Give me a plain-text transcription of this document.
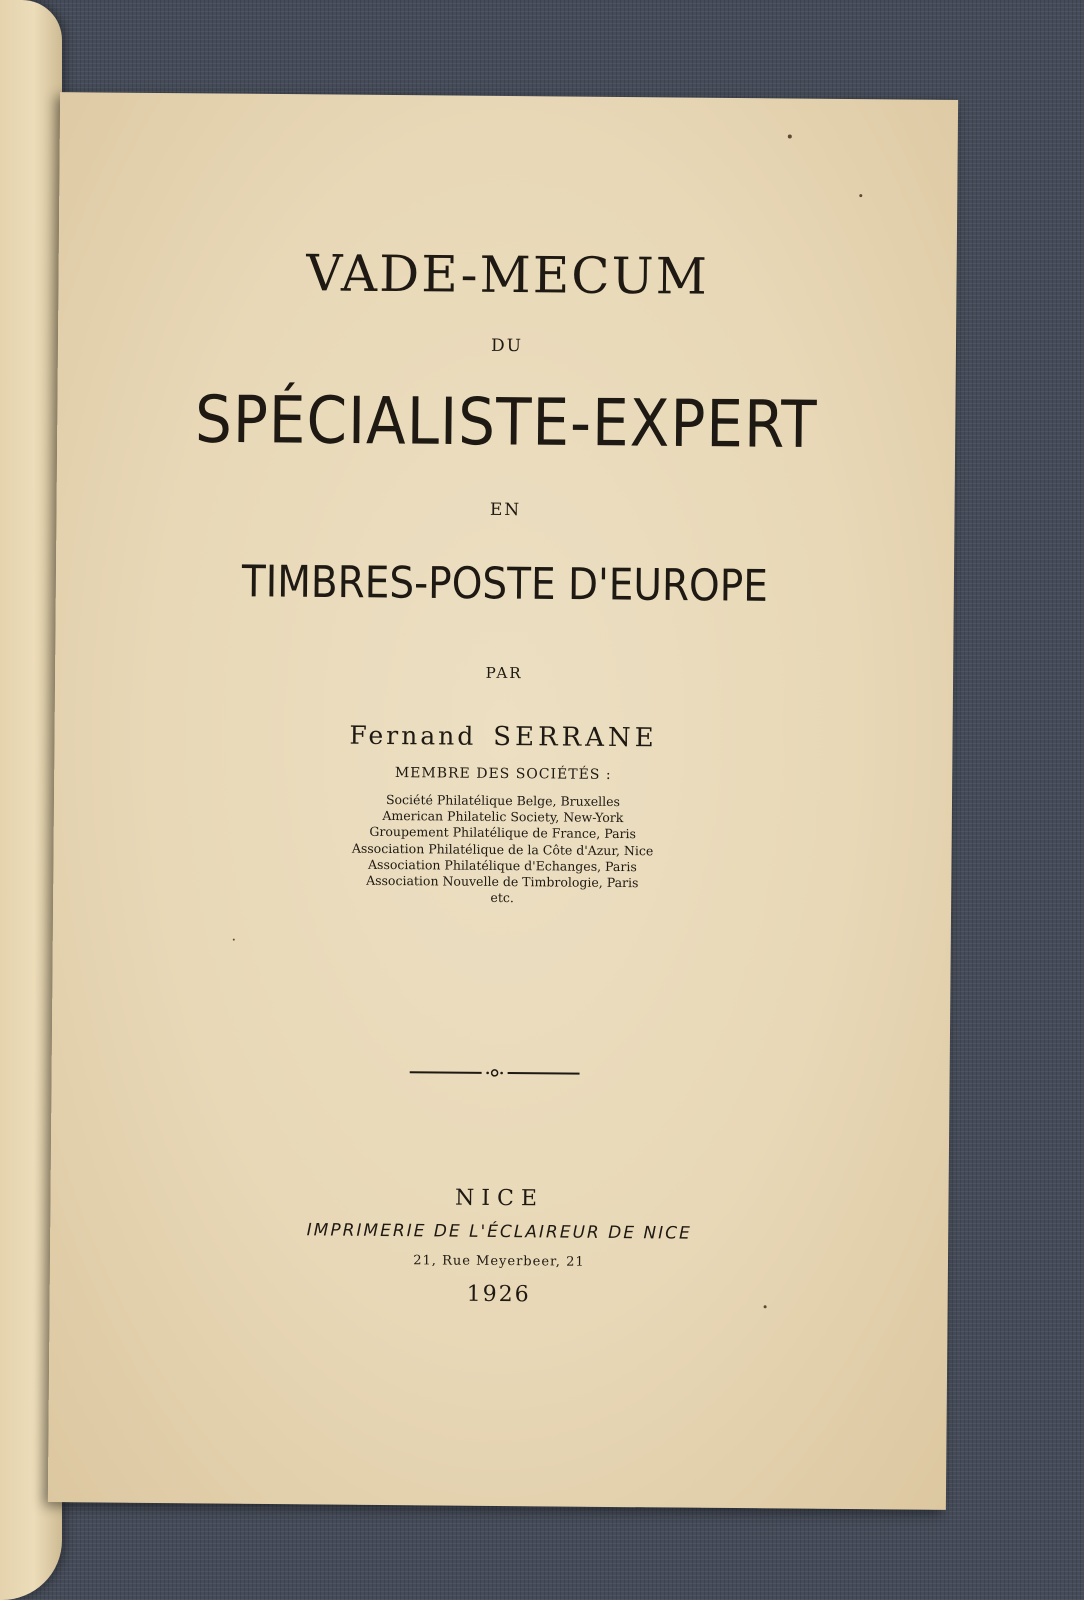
VADE-MECUM
DU
SPÉCIALISTE-EXPERT
EN
TIMBRES-POSTE D'EUROPE
PAR
Fernand SERRANE
MEMBRE DES SOCIÉTÉS :
Société Philatélique Belge, Bruxelles
American Philatelic Society, New-York
Groupement Philatélique de France, Paris
Association Philatélique de la Côte d'Azur, Nice
Association Philatélique d'Echanges, Paris
Association Nouvelle de Timbrologie, Paris
etc.
NICE
IMPRIMERIE DE L'ÉCLAIREUR DE NICE
21, Rue Meyerbeer, 21
1926
